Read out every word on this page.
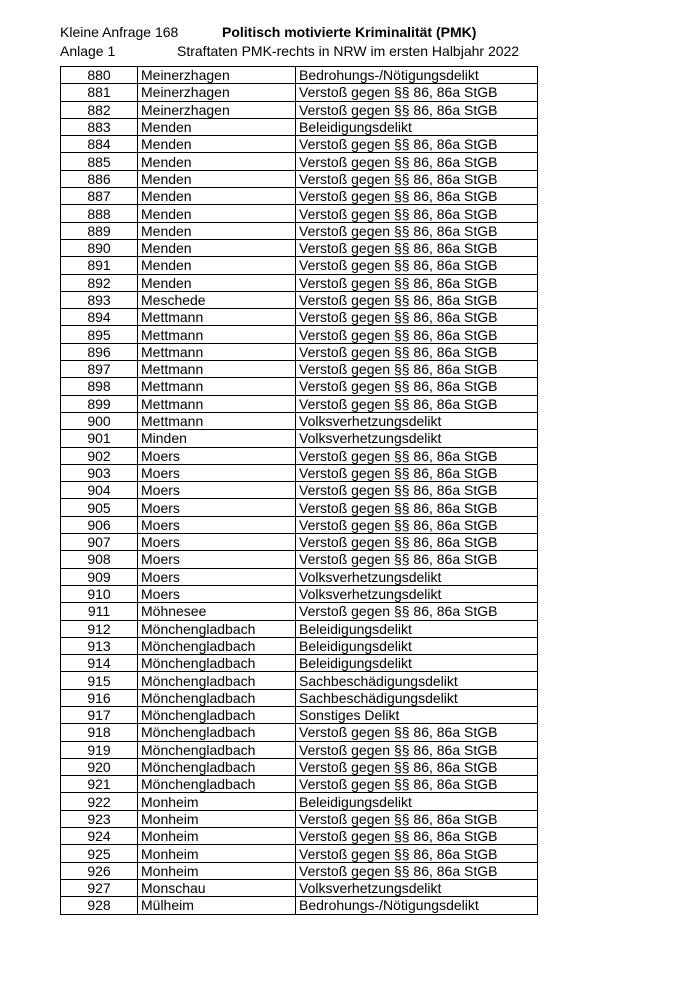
Kleine Anfrage 168
Anlage 1
Politisch motivierte Kriminalität (PMK)
Straftaten PMK-rechts in NRW im ersten Halbjahr 2022
880	Meinerzhagen	Bedrohungs-/Nötigungsdelikt
881	Meinerzhagen	Verstoß gegen §§ 86, 86a StGB
882	Meinerzhagen	Verstoß gegen §§ 86, 86a StGB
883	Menden	Beleidigungsdelikt
884	Menden	Verstoß gegen §§ 86, 86a StGB
885	Menden	Verstoß gegen §§ 86, 86a StGB
886	Menden	Verstoß gegen §§ 86, 86a StGB
887	Menden	Verstoß gegen §§ 86, 86a StGB
888	Menden	Verstoß gegen §§ 86, 86a StGB
889	Menden	Verstoß gegen §§ 86, 86a StGB
890	Menden	Verstoß gegen §§ 86, 86a StGB
891	Menden	Verstoß gegen §§ 86, 86a StGB
892	Menden	Verstoß gegen §§ 86, 86a StGB
893	Meschede	Verstoß gegen §§ 86, 86a StGB
894	Mettmann	Verstoß gegen §§ 86, 86a StGB
895	Mettmann	Verstoß gegen §§ 86, 86a StGB
896	Mettmann	Verstoß gegen §§ 86, 86a StGB
897	Mettmann	Verstoß gegen §§ 86, 86a StGB
898	Mettmann	Verstoß gegen §§ 86, 86a StGB
899	Mettmann	Verstoß gegen §§ 86, 86a StGB
900	Mettmann	Volksverhetzungsdelikt
901	Minden	Volksverhetzungsdelikt
902	Moers	Verstoß gegen §§ 86, 86a StGB
903	Moers	Verstoß gegen §§ 86, 86a StGB
904	Moers	Verstoß gegen §§ 86, 86a StGB
905	Moers	Verstoß gegen §§ 86, 86a StGB
906	Moers	Verstoß gegen §§ 86, 86a StGB
907	Moers	Verstoß gegen §§ 86, 86a StGB
908	Moers	Verstoß gegen §§ 86, 86a StGB
909	Moers	Volksverhetzungsdelikt
910	Moers	Volksverhetzungsdelikt
911	Möhnesee	Verstoß gegen §§ 86, 86a StGB
912	Mönchengladbach	Beleidigungsdelikt
913	Mönchengladbach	Beleidigungsdelikt
914	Mönchengladbach	Beleidigungsdelikt
915	Mönchengladbach	Sachbeschädigungsdelikt
916	Mönchengladbach	Sachbeschädigungsdelikt
917	Mönchengladbach	Sonstiges Delikt
918	Mönchengladbach	Verstoß gegen §§ 86, 86a StGB
919	Mönchengladbach	Verstoß gegen §§ 86, 86a StGB
920	Mönchengladbach	Verstoß gegen §§ 86, 86a StGB
921	Mönchengladbach	Verstoß gegen §§ 86, 86a StGB
922	Monheim	Beleidigungsdelikt
923	Monheim	Verstoß gegen §§ 86, 86a StGB
924	Monheim	Verstoß gegen §§ 86, 86a StGB
925	Monheim	Verstoß gegen §§ 86, 86a StGB
926	Monheim	Verstoß gegen §§ 86, 86a StGB
927	Monschau	Volksverhetzungsdelikt
928	Mülheim	Bedrohungs-/Nötigungsdelikt
